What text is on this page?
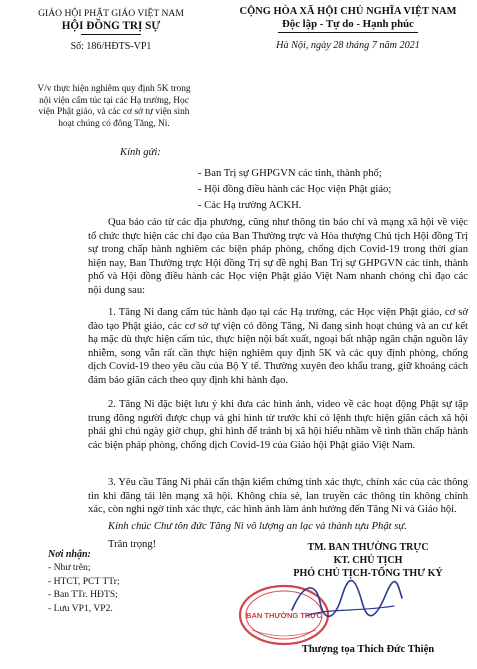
GIÁO HỘI PHẬT GIÁO VIỆT NAM
HỘI ĐỒNG TRỊ SỰ
Số: 186/HĐTS-VP1
CỘNG HÒA XÃ HỘI CHỦ NGHĨA VIỆT NAM
Độc lập - Tự do - Hạnh phúc
Hà Nội, ngày 28 tháng 7 năm 2021
V/v thực hiện nghiêm quy định 5K trong
nội viện cấm túc tại các Hạ trường, Học
viện Phật giáo, và các cơ sở tự viện sinh
hoạt chúng có đông Tăng, Ni.
Kính gửi:
- Ban Trị sự GHPGVN các tỉnh, thành phố;
- Hội đồng điều hành các Học viện Phật giáo;
- Các Hạ trường ACKH.

Qua báo cáo từ các địa phương, cũng như thông tin báo chí và mạng xã hội về việc tổ chức thực hiện các chỉ đạo của Ban Thường trực và Hòa thượng Chủ tịch Hội đồng Trị sự trong chấp hành nghiêm các biện pháp phòng, chống dịch Covid-19 trong thời gian hiện nay, Ban Thường trực Hội đồng Trị sự đề nghị Ban Trị sự GHPGVN các tỉnh, thành phố và Hội đồng điều hành các Học viện Phật giáo Việt Nam nhanh chóng chỉ đạo các nội dung sau:

1. Tăng Ni đang cấm túc hành đạo tại các Hạ trường, các Học viện Phật giáo, cơ sở đào tạo Phật giáo, các cơ sở tự viện có đông Tăng, Ni đang sinh hoạt chúng và an cư kết hạ mặc dù thực hiện cấm túc, thực hiện nội bất xuất, ngoại bất nhập ngăn chặn nguồn lây nhiễm, song vẫn rất cần thực hiện nghiêm quy định 5K và các quy định phòng, chống dịch Covid-19 theo yêu cầu của Bộ Y tế. Thường xuyên đeo khẩu trang, giữ khoảng cách đảm bảo giãn cách theo quy định khi hành đạo.

2. Tăng Ni đặc biệt lưu ý khi đưa các hình ảnh, video về các hoạt động Phật sự tập trung đông người được chụp và ghi hình từ trước khi có lệnh thực hiện giãn cách xã hội phải ghi chú ngày giờ chụp, ghi hình để tránh bị xã hội hiểu nhầm về tình thần chấp hành các biện pháp phòng, chống dịch Covid-19 của Giáo hội Phật giáo Việt Nam.

3. Yêu cầu Tăng Ni phải cẩn thận kiểm chứng tính xác thực, chính xác của các thông tin khi đăng tải lên mạng xã hội. Không chia sẻ, lan truyền các thông tin không chính xác, còn nghi ngờ tính xác thực, các hình ảnh làm ảnh hưởng đến Tăng Ni và Giáo hội.

Kính chúc Chư tôn đức Tăng Ni vô lượng an lạc và thành tựu Phật sự.

Trân trọng!

Nơi nhận:
- Như trên;
- HTCT, PCT TTr;
- Ban TTr. HĐTS;
- Lưu VP1, VP2.
TM. BAN THƯỜNG TRỰC
KT. CHỦ TỊCH
PHÓ CHỦ TỊCH-TỔNG THƯ KÝ
BAN THƯỜNG TRỰC
Thượng tọa Thích Đức Thiện
